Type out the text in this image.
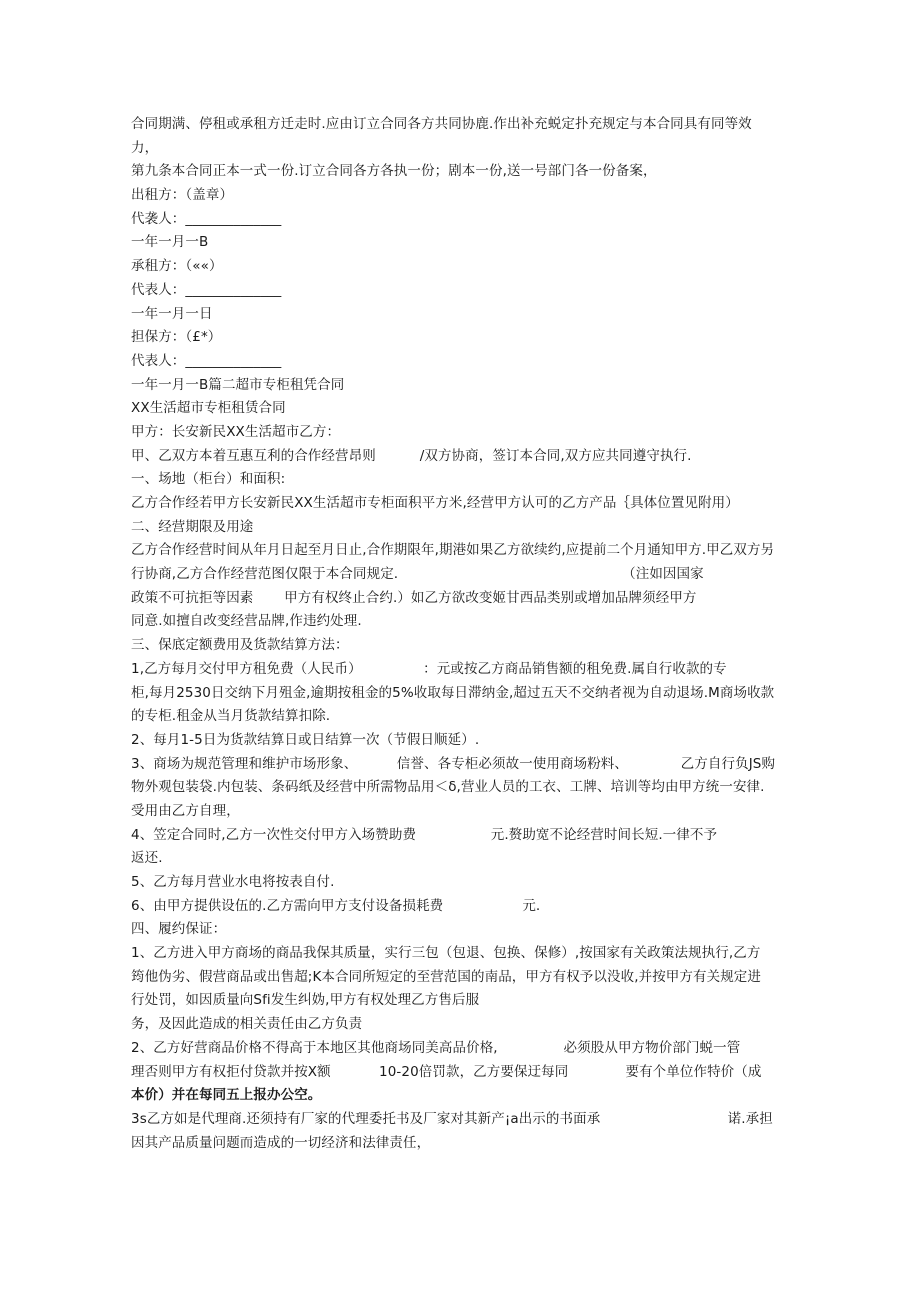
合同期满、停租或承租方迁走时.应由订立合同各方共同协鹿.作出补充蜕定扑充规定与本合同具有同等效
力，
第九条本合同正本一式一份.订立合同各方各执一份；剧本一份,送一号部门各一份备案，
出租方：（盖章）
代袭人：______________
一年一月一B
承租方：（««）
代表人：______________
一年一月一日
担保方：（£*）
代表人：______________
一年一月一B篇二超市专柜租凭合同
XX生活超市专柜租赁合同
甲方：长安新民XX生活超市乙方：
甲、乙双方本着互惠互利的合作经营昂则          /双方协商，签订本合同,双方应共同遵守执行.
一、场地（柜台）和面积:
乙方合作经若甲方长安新民XX生活超市专柜面积平方米,经营甲方认可的乙方产品｛具体位置见附用）
二、经营期限及用途
乙方合作经营时间从年月日起至月日止,合作期限年,期港如果乙方欲续约,应提前二个月通知甲方.甲乙双方另
行协商,乙方合作经营范图仅限于本合同规定.                                                   （注如因国家
政策不可抗拒等因素       甲方有权终止合约.）如乙方欲改变姬甘西品类别或增加品牌须经甲方
同意.如擅自改变经营品牌,作违约处理.
三、保底定额费用及货款结算方法：
1,乙方每月交付甲方租免费（人民币）              ：元或按乙方商品销售额的租免费.属自行收款的专
柜,每月2530日交纳下月殂金,逾期按租金的5%收取每日滞纳金,超过五天不交纳者视为自动退场.M商场收款
的专柜.租金从当月货款结算扣除.
2、每月1-5日为货款结算日或日结算一次（节假日顺延）.
3、商场为规范管理和维护市场形象、         信誉、各专柜必须故一使用商场粉料、            乙方自行负JS购
物外观包装袋.内包装、条码纸及经营中所需物品用＜δ,营业人员的工衣、工牌、培训等均由甲方统一安律.
受用由乙方自理，
4、笠定合同时,乙方一次性交付甲方入场赞助费                 元.赘助宽不论经营时间长短.一律不予
返还.
5、乙方每月营业水电将按表自付.
6、由甲方提供设伍的.乙方需向甲方支付设备损耗费                  元.
四、履约保证：
1、乙方进入甲方商场的商品我保其质量，实行三包（包退、包换、保修）,按国家有关政策法规执行,乙方
筠他伪劣、假营商品或出售超;K本合同所短定的至营范国的南品，甲方有权予以没收,并按甲方有关规定进
行处罚，如因质量向Sfi发生纠妫,甲方有权处理乙方售后服
务，及因此造成的相关责任由乙方负责
2、乙方好营商品价格不得高于本地区其他商场同美高品价格,               必须股从甲方物价部门蜕一管
理否则甲方有权拒付贷款并按X额           10-20倍罚款，乙方要保迂每同             要有个单位作特价（成
本价）并在每同五上报办公空。
3s乙方如是代理商.还须持有厂家的代理委托书及厂家对其新产¡a出示的书面承                             诺.承担
因其产品质量问题而造成的一切经济和法律责任，
